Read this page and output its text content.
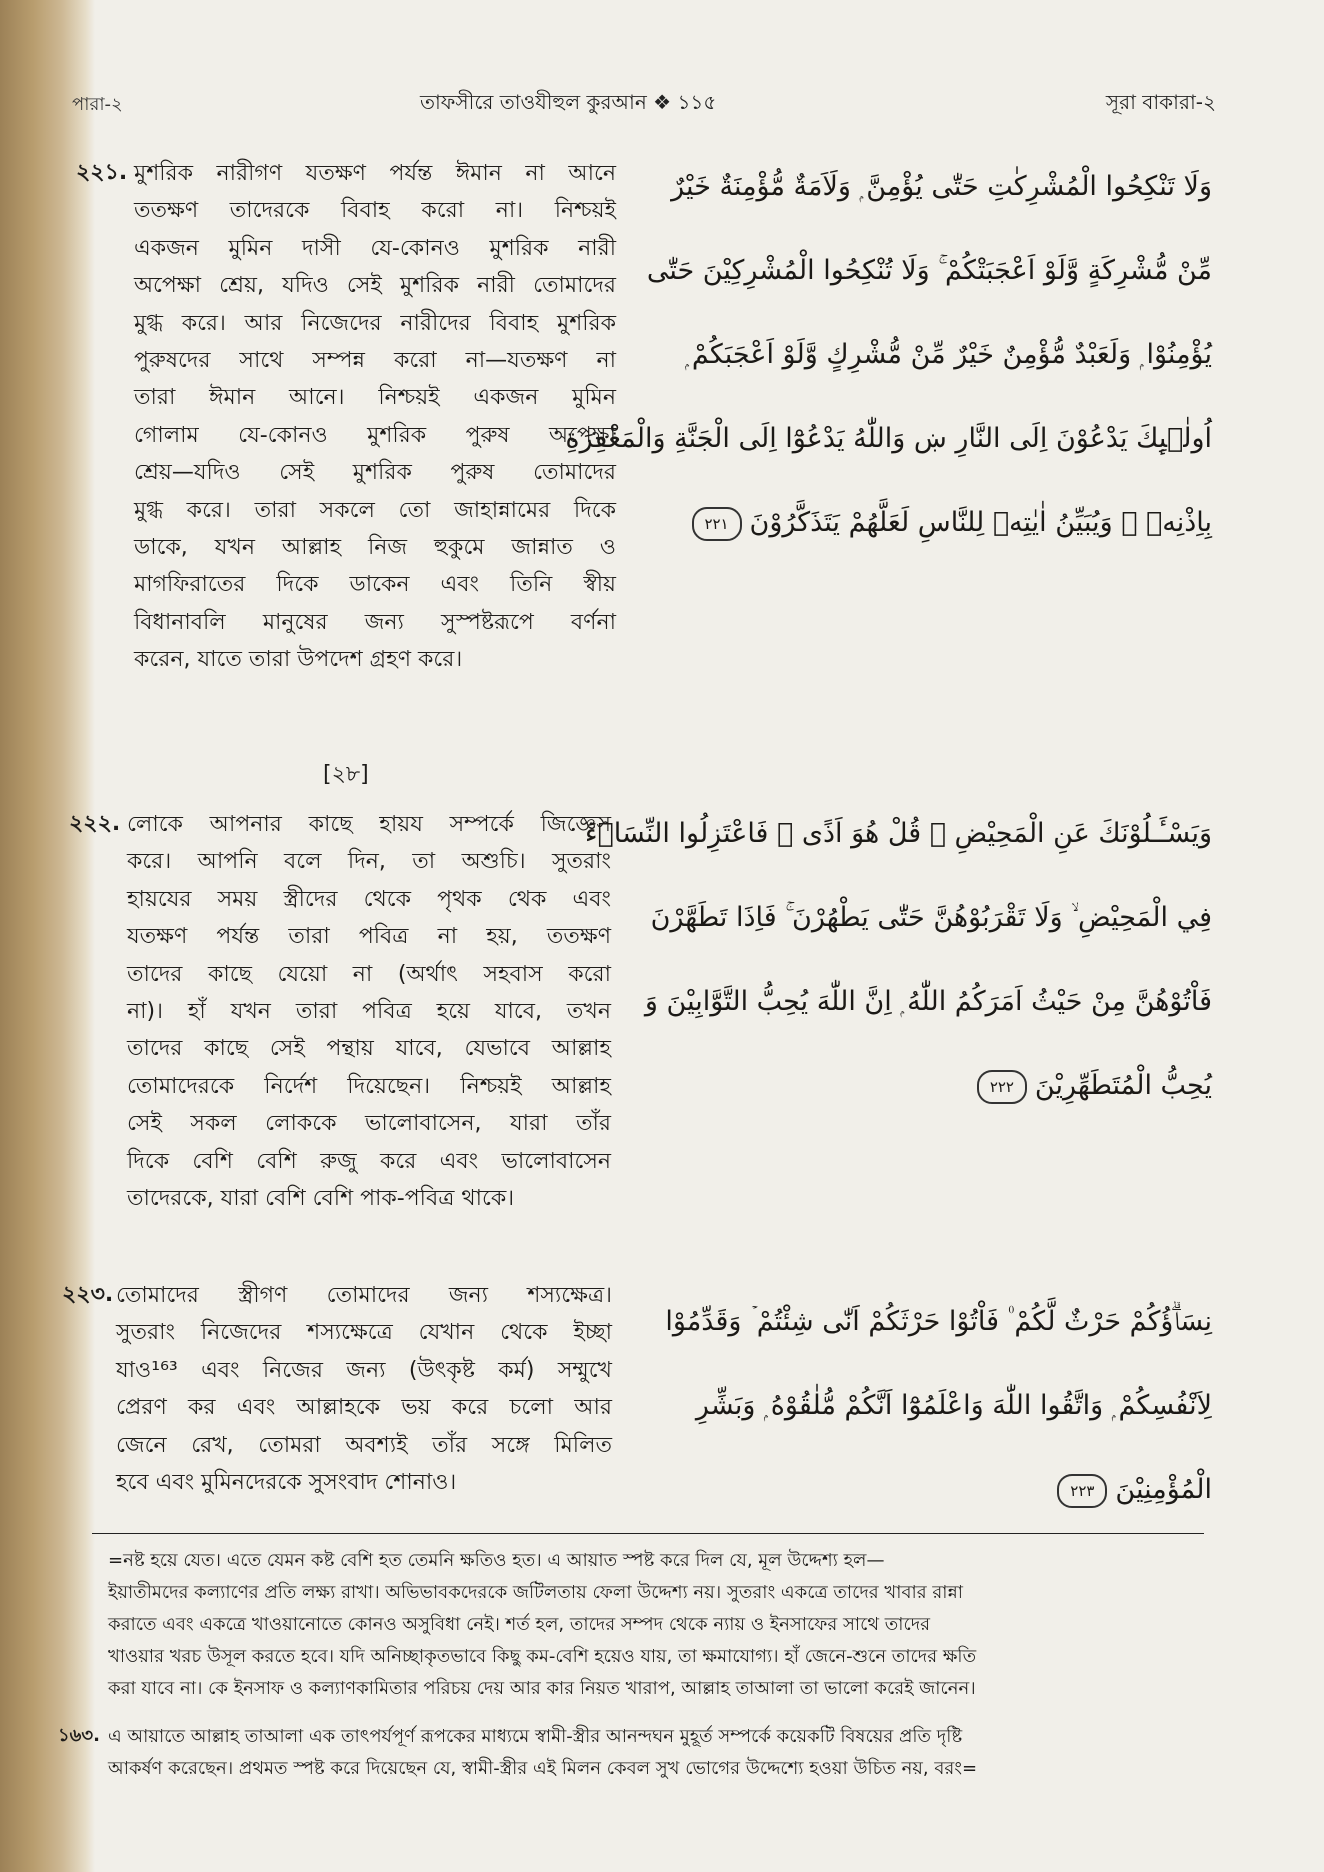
পারা-২	তাফসীরে তাওযীহুল কুরআন ❖ ১১৫	সূরা বাকারা-২
২২১. মুশরিক নারীগণ যতক্ষণ পর্যন্ত ঈমান না আনে
ততক্ষণ তাদেরকে বিবাহ করো না। নিশ্চয়ই
একজন মুমিন দাসী যে-কোনও মুশরিক নারী
অপেক্ষা শ্রেয়, যদিও সেই মুশরিক নারী তোমাদের
মুগ্ধ করে। আর নিজেদের নারীদের বিবাহ মুশরিক
পুরুষদের সাথে সম্পন্ন করো না—যতক্ষণ না
তারা ঈমান আনে। নিশ্চয়ই একজন মুমিন
গোলাম যে-কোনও মুশরিক পুরুষ অপেক্ষা
শ্রেয়—যদিও সেই মুশরিক পুরুষ তোমাদের
মুগ্ধ করে। তারা সকলে তো জাহান্নামের দিকে
ডাকে, যখন আল্লাহ নিজ হুকুমে জান্নাত ও
মাগফিরাতের দিকে ডাকেন এবং তিনি স্বীয়
বিধানাবলি মানুষের জন্য সুস্পষ্টরূপে বর্ণনা
করেন, যাতে তারা উপদেশ গ্রহণ করে।
وَلَا تَنْكِحُوا الْمُشْرِكٰتِ حَتّٰى يُؤْمِنَّ ۭ وَلَاَمَةٌ مُّؤْمِنَةٌ خَيْرٌ
مِّنْ مُّشْرِكَةٍ وَّلَوْ اَعْجَبَتْكُمْ ۚ وَلَا تُنْكِحُوا الْمُشْرِكِيْنَ حَتّٰى
يُؤْمِنُوْا ۭ وَلَعَبْدٌ مُّؤْمِنٌ خَيْرٌ مِّنْ مُّشْرِكٍ وَّلَوْ اَعْجَبَكُمْ ۭ
اُولٰۗىِٕكَ يَدْعُوْنَ اِلَى النَّارِ ښ وَاللّٰهُ يَدْعُوْٓا اِلَى الْجَنَّةِ وَالْمَغْفِرَةِ
بِاِذْنِهٖ ۚ وَيُبَيِّنُ اٰيٰتِهٖ لِلنَّاسِ لَعَلَّهُمْ يَتَذَكَّرُوْنَ٢٢١
[২৮]
২২২. লোকে আপনার কাছে হায়য সম্পর্কে জিজ্ঞেস
করে। আপনি বলে দিন, তা অশুচি। সুতরাং
হায়যের সময় স্ত্রীদের থেকে পৃথক থেক এবং
যতক্ষণ পর্যন্ত তারা পবিত্র না হয়, ততক্ষণ
তাদের কাছে যেয়ো না (অর্থাৎ সহবাস করো
না)। হাঁ যখন তারা পবিত্র হয়ে যাবে, তখন
তাদের কাছে সেই পন্থায় যাবে, যেভাবে আল্লাহ
তোমাদেরকে নির্দেশ দিয়েছেন। নিশ্চয়ই আল্লাহ
সেই সকল লোককে ভালোবাসেন, যারা তাঁর
দিকে বেশি বেশি রুজু করে এবং ভালোবাসেন
তাদেরকে, যারা বেশি বেশি পাক-পবিত্র থাকে।
وَيَسْـَٔـلُوْنَكَ عَنِ الْمَحِيْضِ ۭ قُلْ هُوَ اَذًى ۙ فَاعْتَزِلُوا النِّسَاۗءَ
فِي الْمَحِيْضِ ۙ وَلَا تَقْرَبُوْھُنَّ حَتّٰى يَطْهُرْنَ ۚ فَاِذَا تَطَهَّرْنَ
فَاْتُوْھُنَّ مِنْ حَيْثُ اَمَرَكُمُ اللّٰهُ ۭ اِنَّ اللّٰهَ يُحِبُّ التَّوَّابِيْنَ وَ
يُحِبُّ الْمُتَطَهِّرِيْنَ٢٢٢
২২৩. তোমাদের স্ত্রীগণ তোমাদের জন্য শস্যক্ষেত্র।
সুতরাং নিজেদের শস্যক্ষেত্রে যেখান থেকে ইচ্ছা
যাও¹⁶³ এবং নিজের জন্য (উৎকৃষ্ট কর্ম) সম্মুখে
প্রেরণ কর এবং আল্লাহকে ভয় করে চলো আর
জেনে রেখ, তোমরা অবশ্যই তাঁর সঙ্গে মিলিত
হবে এবং মুমিনদেরকে সুসংবাদ শোনাও।
نِسَاۗؤُكُمْ حَرْثٌ لَّكُمْ ۠ فَاْتُوْا حَرْثَكُمْ اَنّٰى شِئْتُمْ ۡ وَقَدِّمُوْا
لِاَنْفُسِكُمْ ۭ وَاتَّقُوا اللّٰهَ وَاعْلَمُوْٓا اَنَّكُمْ مُّلٰقُوْهُ ۭ وَبَشِّرِ
الْمُؤْمِنِيْنَ٢٢٣
=নষ্ট হয়ে যেত। এতে যেমন কষ্ট বেশি হত তেমনি ক্ষতিও হত। এ আয়াত স্পষ্ট করে দিল যে, মূল উদ্দেশ্য হল—
ইয়াতীমদের কল্যাণের প্রতি লক্ষ্য রাখা। অভিভাবকদেরকে জটিলতায় ফেলা উদ্দেশ্য নয়। সুতরাং একত্রে তাদের খাবার রান্না
করাতে এবং একত্রে খাওয়ানোতে কোনও অসুবিধা নেই। শর্ত হল, তাদের সম্পদ থেকে ন্যায় ও ইনসাফের সাথে তাদের
খাওয়ার খরচ উসূল করতে হবে। যদি অনিচ্ছাকৃতভাবে কিছু কম-বেশি হয়েও যায়, তা ক্ষমাযোগ্য। হাঁ জেনে-শুনে তাদের ক্ষতি
করা যাবে না। কে ইনসাফ ও কল্যাণকামিতার পরিচয় দেয় আর কার নিয়ত খারাপ, আল্লাহ তাআলা তা ভালো করেই জানেন।
১৬৩. এ আয়াতে আল্লাহ তাআলা এক তাৎপর্যপূর্ণ রূপকের মাধ্যমে স্বামী-স্ত্রীর আনন্দঘন মুহূর্ত সম্পর্কে কয়েকটি বিষয়ের প্রতি দৃষ্টি
আকর্ষণ করেছেন। প্রথমত স্পষ্ট করে দিয়েছেন যে, স্বামী-স্ত্রীর এই মিলন কেবল সুখ ভোগের উদ্দেশ্যে হওয়া উচিত নয়, বরং=
